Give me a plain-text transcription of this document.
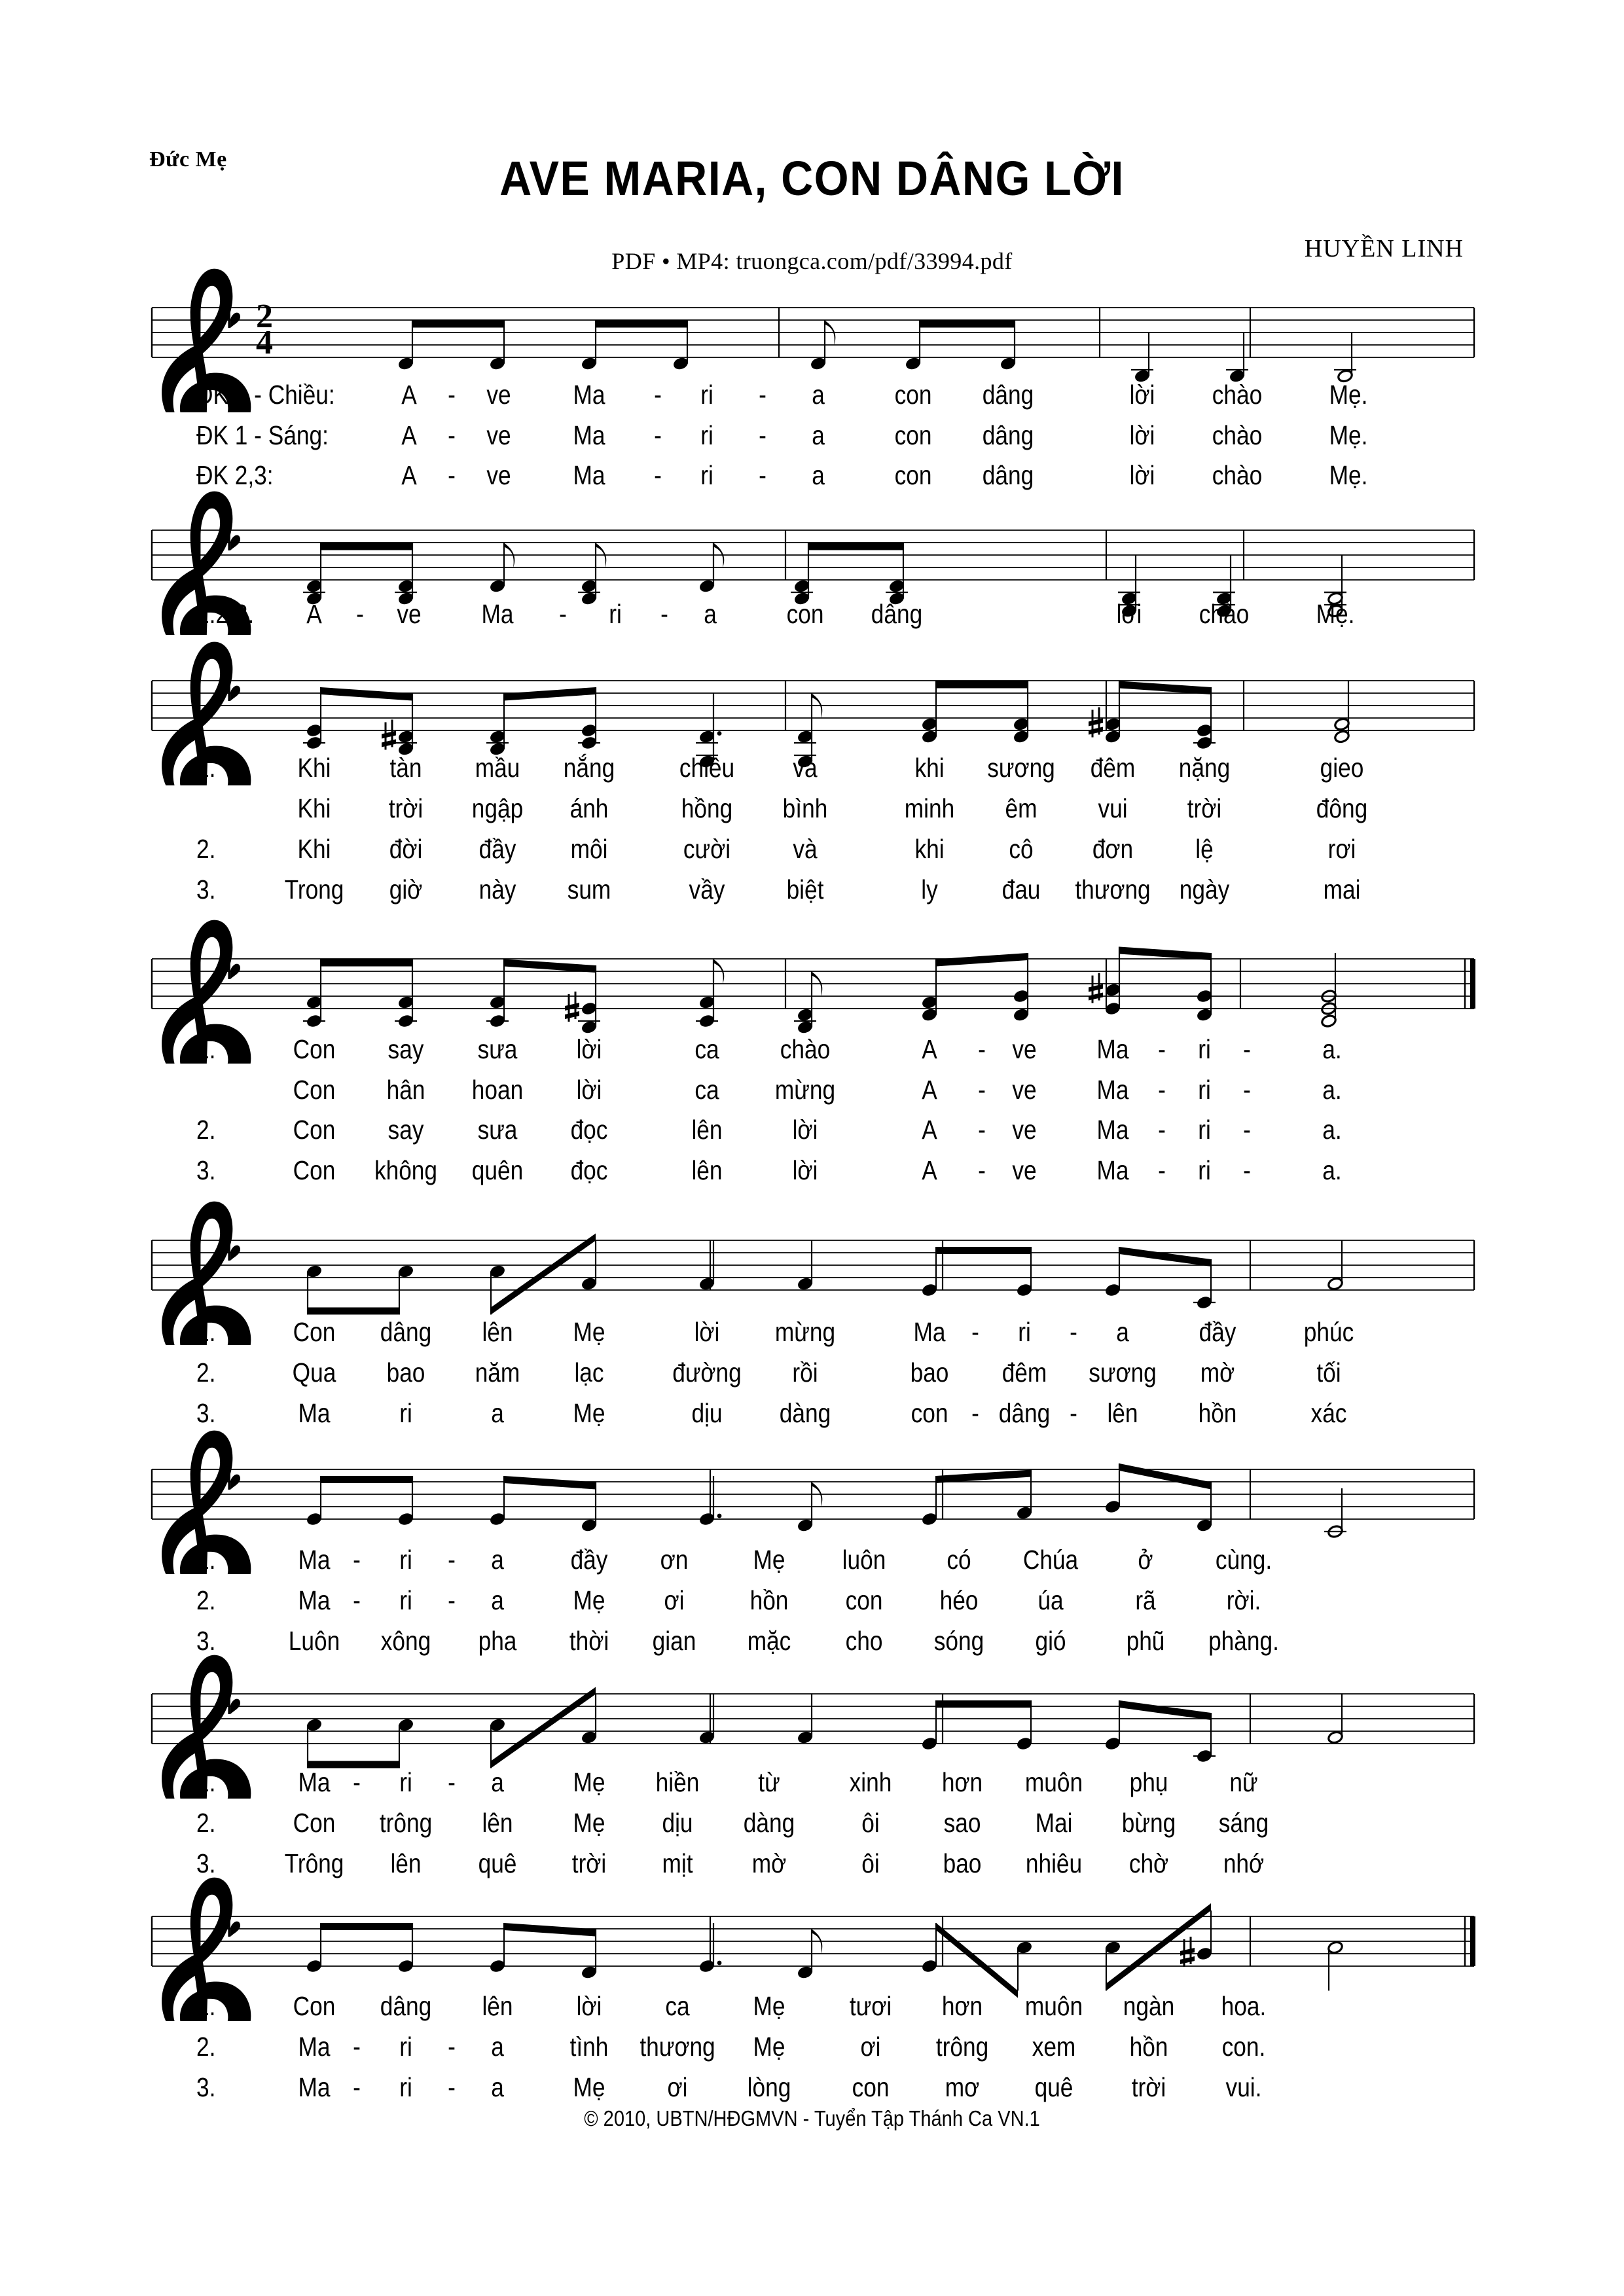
Đức Mẹ	AVE MARIA, CON DÂNG LỜI
PDF • MP4: truongca.com/pdf/33994.pdf	HUYỀN LINH
2
4
ĐK 1 - Chiều: A	ve Ma	ri	a	con dâng	lời chào Mẹ.
-	-	-
ĐK 1 - Sáng:	A	ve Ma	ri	a	con dâng	lời chào Mẹ.
-	-	-
ĐK 2,3:	A	ve Ma	ri	a	con dâng	lời chào Mẹ.
-	-	-
1.2.3. A	ve Ma	ri	a	con dâng	lời chào Mẹ.
-	-	-
1.	Khi tàn mầu nắng chiều và	khi sương đêm nặng	gieo
Khi trời ngập ánh	hồng bình	minh êm vui trời	đông
2.	Khi đời đầy môi	cười và	khi cô đơn lệ	rơi
3.	Trong giờ này sum	vầy biệt	ly đau thương ngày	mai
1.	Con say sưa lời	ca chào	A	ve Ma	ri	a.
-	-	-
Con hân hoan lời	ca mừng	A	ve Ma	ri	a.
-	-	-
2.	Con say sưa đọc	lên	lời	A	ve Ma	ri	a.
-	-	-
3.	Con không quên đọc	lên	lời	A	ve Ma	ri	a.
-	-	-
1.	Con dâng lên Mẹ	lời mừng	Ma	ri	a	đầy	phúc
-	-
2.	Qua bao năm lạc	đường rồi	bao đêm sương mờ	tối
3.	Ma	ri	a	Mẹ	dịu dàng	con dâng lên hồn	xác
-	-
1.	Ma	ri	a đầy ơn Mẹ luôn có Chúa ở cùng.
-	-
2.	Ma	ri	a	Mẹ ơi hồn con héo úa	rã	rời.
-	-
3.	Luôn xông pha thời gian mặc cho sóng gió phũ phàng.
1.	Ma	ri	a	Mẹ hiền từ	xinh hơn muôn phụ nữ
-	-
2.	Con trông lên Mẹ dịu dàng ôi sao Mai bừng sáng
3.	Trông lên quê trời mịt mờ	ôi bao nhiêu chờ nhớ
1.	Con dâng lên lời ca Mẹ tươi hơn muôn ngàn hoa.
2.	Ma	ri	a tình thương Mẹ	ơi trông xem hồn con.
-	-
3.	Ma	ri	a	Mẹ ơi lòng con mơ quê trời vui.
-	-
© 2010, UBTN/HĐGMVN - Tuyển Tập Thánh Ca VN.1
